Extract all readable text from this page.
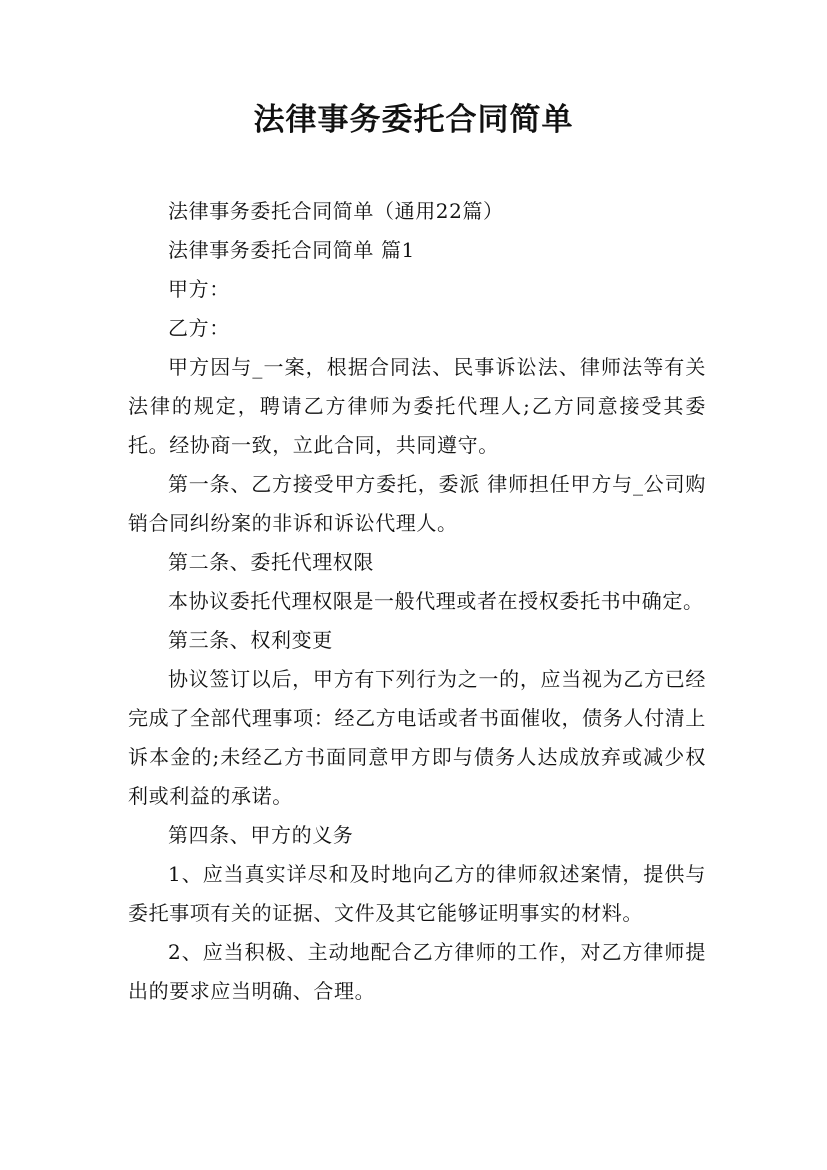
法律事务委托合同简单

法律事务委托合同简单（通用22篇）

法律事务委托合同简单 篇1

甲方：

乙方：

甲方因与_一案，根据合同法、民事诉讼法、律师法等有关法律的规定，聘请乙方律师为委托代理人;乙方同意接受其委托。经协商一致，立此合同，共同遵守。

第一条、乙方接受甲方委托，委派 律师担任甲方与_公司购销合同纠纷案的非诉和诉讼代理人。

第二条、委托代理权限

本协议委托代理权限是一般代理或者在授权委托书中确定。

第三条、权利变更

协议签订以后，甲方有下列行为之一的，应当视为乙方已经完成了全部代理事项：经乙方电话或者书面催收，债务人付清上诉本金的;未经乙方书面同意甲方即与债务人达成放弃或减少权利或利益的承诺。

第四条、甲方的义务

1、应当真实详尽和及时地向乙方的律师叙述案情，提供与委托事项有关的证据、文件及其它能够证明事实的材料。

2、应当积极、主动地配合乙方律师的工作，对乙方律师提出的要求应当明确、合理。
